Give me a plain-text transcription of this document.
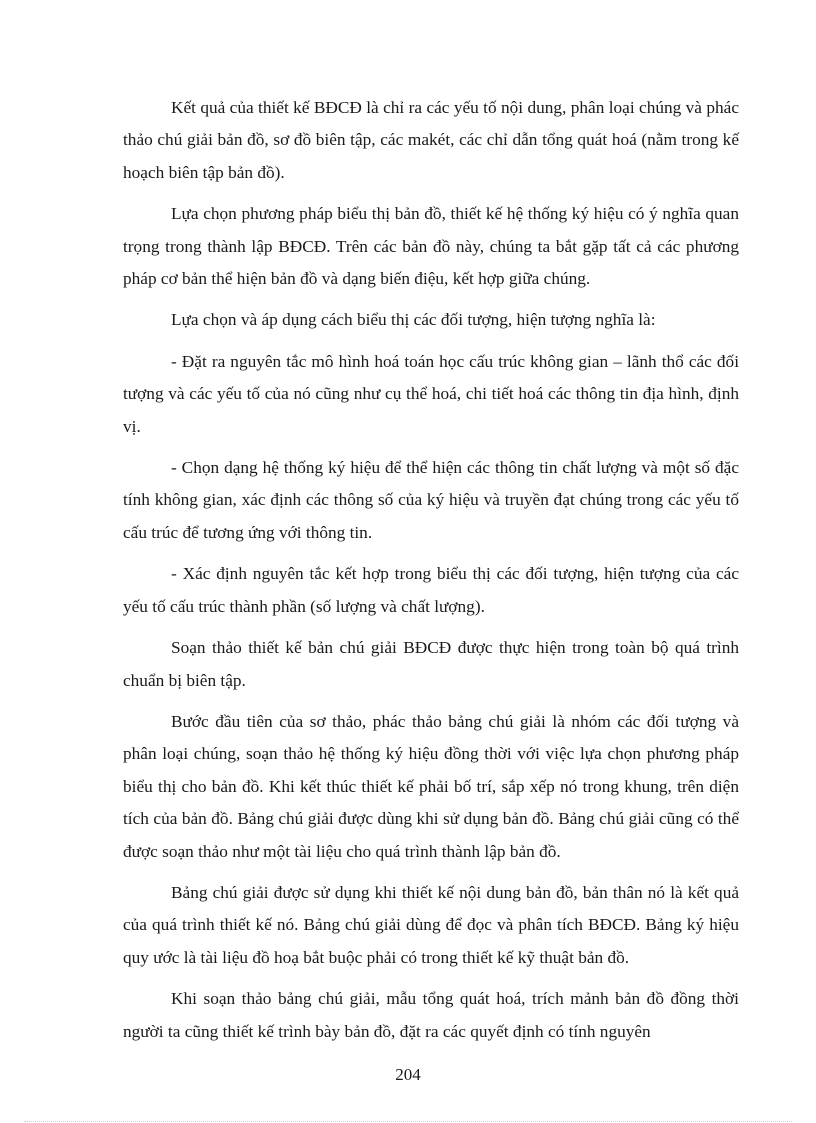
Kết quả của thiết kế BĐCĐ là chỉ ra các yếu tố nội dung, phân loại chúng và phác thảo chú giải bản đồ, sơ đồ biên tập, các makét, các chỉ dẫn tổng quát hoá (nằm trong kế hoạch biên tập bản đồ).

Lựa chọn phương pháp biểu thị bản đồ, thiết kế hệ thống ký hiệu có ý nghĩa quan trọng trong thành lập BĐCĐ. Trên các bản đồ này, chúng ta bắt gặp tất cả các phương pháp cơ bản thể hiện bản đồ và dạng biến điệu, kết hợp giữa chúng.

Lựa chọn và áp dụng cách biểu thị các đối tượng, hiện tượng nghĩa là:

- Đặt ra nguyên tắc mô hình hoá toán học cấu trúc không gian – lãnh thổ các đối tượng và các yếu tố của nó cũng như cụ thể hoá, chi tiết hoá các thông tin địa hình, định vị.

- Chọn dạng hệ thống ký hiệu để thể hiện các thông tin chất lượng và một số đặc tính không gian, xác định các thông số của ký hiệu và truyền đạt chúng trong các yếu tố cấu trúc để tương ứng với thông tin.

- Xác định nguyên tắc kết hợp trong biểu thị các đối tượng, hiện tượng của các yếu tố cấu trúc thành phần (số lượng và chất lượng).

Soạn thảo thiết kế bản chú giải BĐCĐ được thực hiện trong toàn bộ quá trình chuẩn bị biên tập.

Bước đầu tiên của sơ thảo, phác thảo bảng chú giải là nhóm các đối tượng và phân loại chúng, soạn thảo hệ thống ký hiệu đồng thời với việc lựa chọn phương pháp biểu thị cho bản đồ. Khi kết thúc thiết kế phải bố trí, sắp xếp nó trong khung, trên diện tích của bản đồ. Bảng chú giải được dùng khi sử dụng bản đồ. Bảng chú giải cũng có thể được soạn thảo như một tài liệu cho quá trình thành lập bản đồ.

Bảng chú giải được sử dụng khi thiết kế nội dung bản đồ, bản thân nó là kết quả của quá trình thiết kế nó. Bảng chú giải dùng để đọc và phân tích BĐCĐ. Bảng ký hiệu quy ước là tài liệu đồ hoạ bắt buộc phải có trong thiết kế kỹ thuật bản đồ.

Khi soạn thảo bảng chú giải, mẫu tổng quát hoá, trích mảnh bản đồ đồng thời người ta cũng thiết kế trình bày bản đồ, đặt ra các quyết định có tính nguyên

204
